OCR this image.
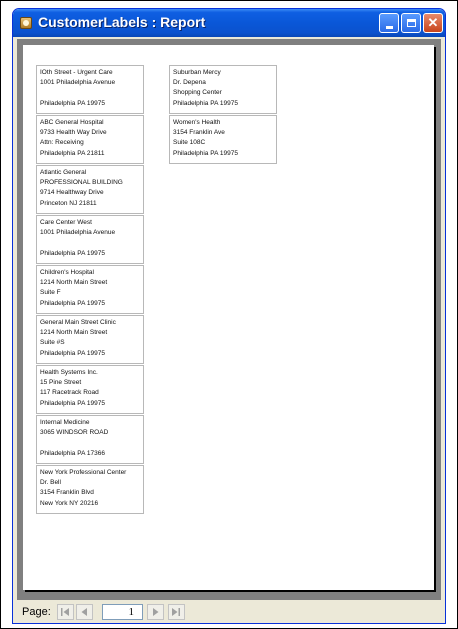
CustomerLabels : Report	✕
IOth Street - Urgent Care
1001 Philadelphia Avenue
Philadelphia PA 19975
ABC General Hospital
9733 Health Way Drive
Attn: Receiving
Philadelphia PA 21811
Atlantic General
PROFESSIONAL BUILDING
9714 Healthway Drive
Princeton NJ 21811
Care Center West
1001 Philadelphia Avenue
Philadelphia PA 19975
Children's Hospital
1214 North Main Street
Suite F
Philadelphia PA 19975
General Main Street Clinic
1214 North Main Street
Suite #S
Philadelphia PA 19975
Health Systems Inc.
15 Pine Street
117 Racetrack Road
Philadelphia PA 19975
Internal Medicine
3065 WINDSOR ROAD
Philadelphia PA 17366
New York Professional Center
Dr. Bell
3154 Franklin Blvd
New York NY 20216
Suburban Mercy
Dr. Depena
Shopping Center
Philadelphia PA 19975
Women's Health
3154 Franklin Ave
Suite 108C
Philadelphia PA 19975
Page:	1
